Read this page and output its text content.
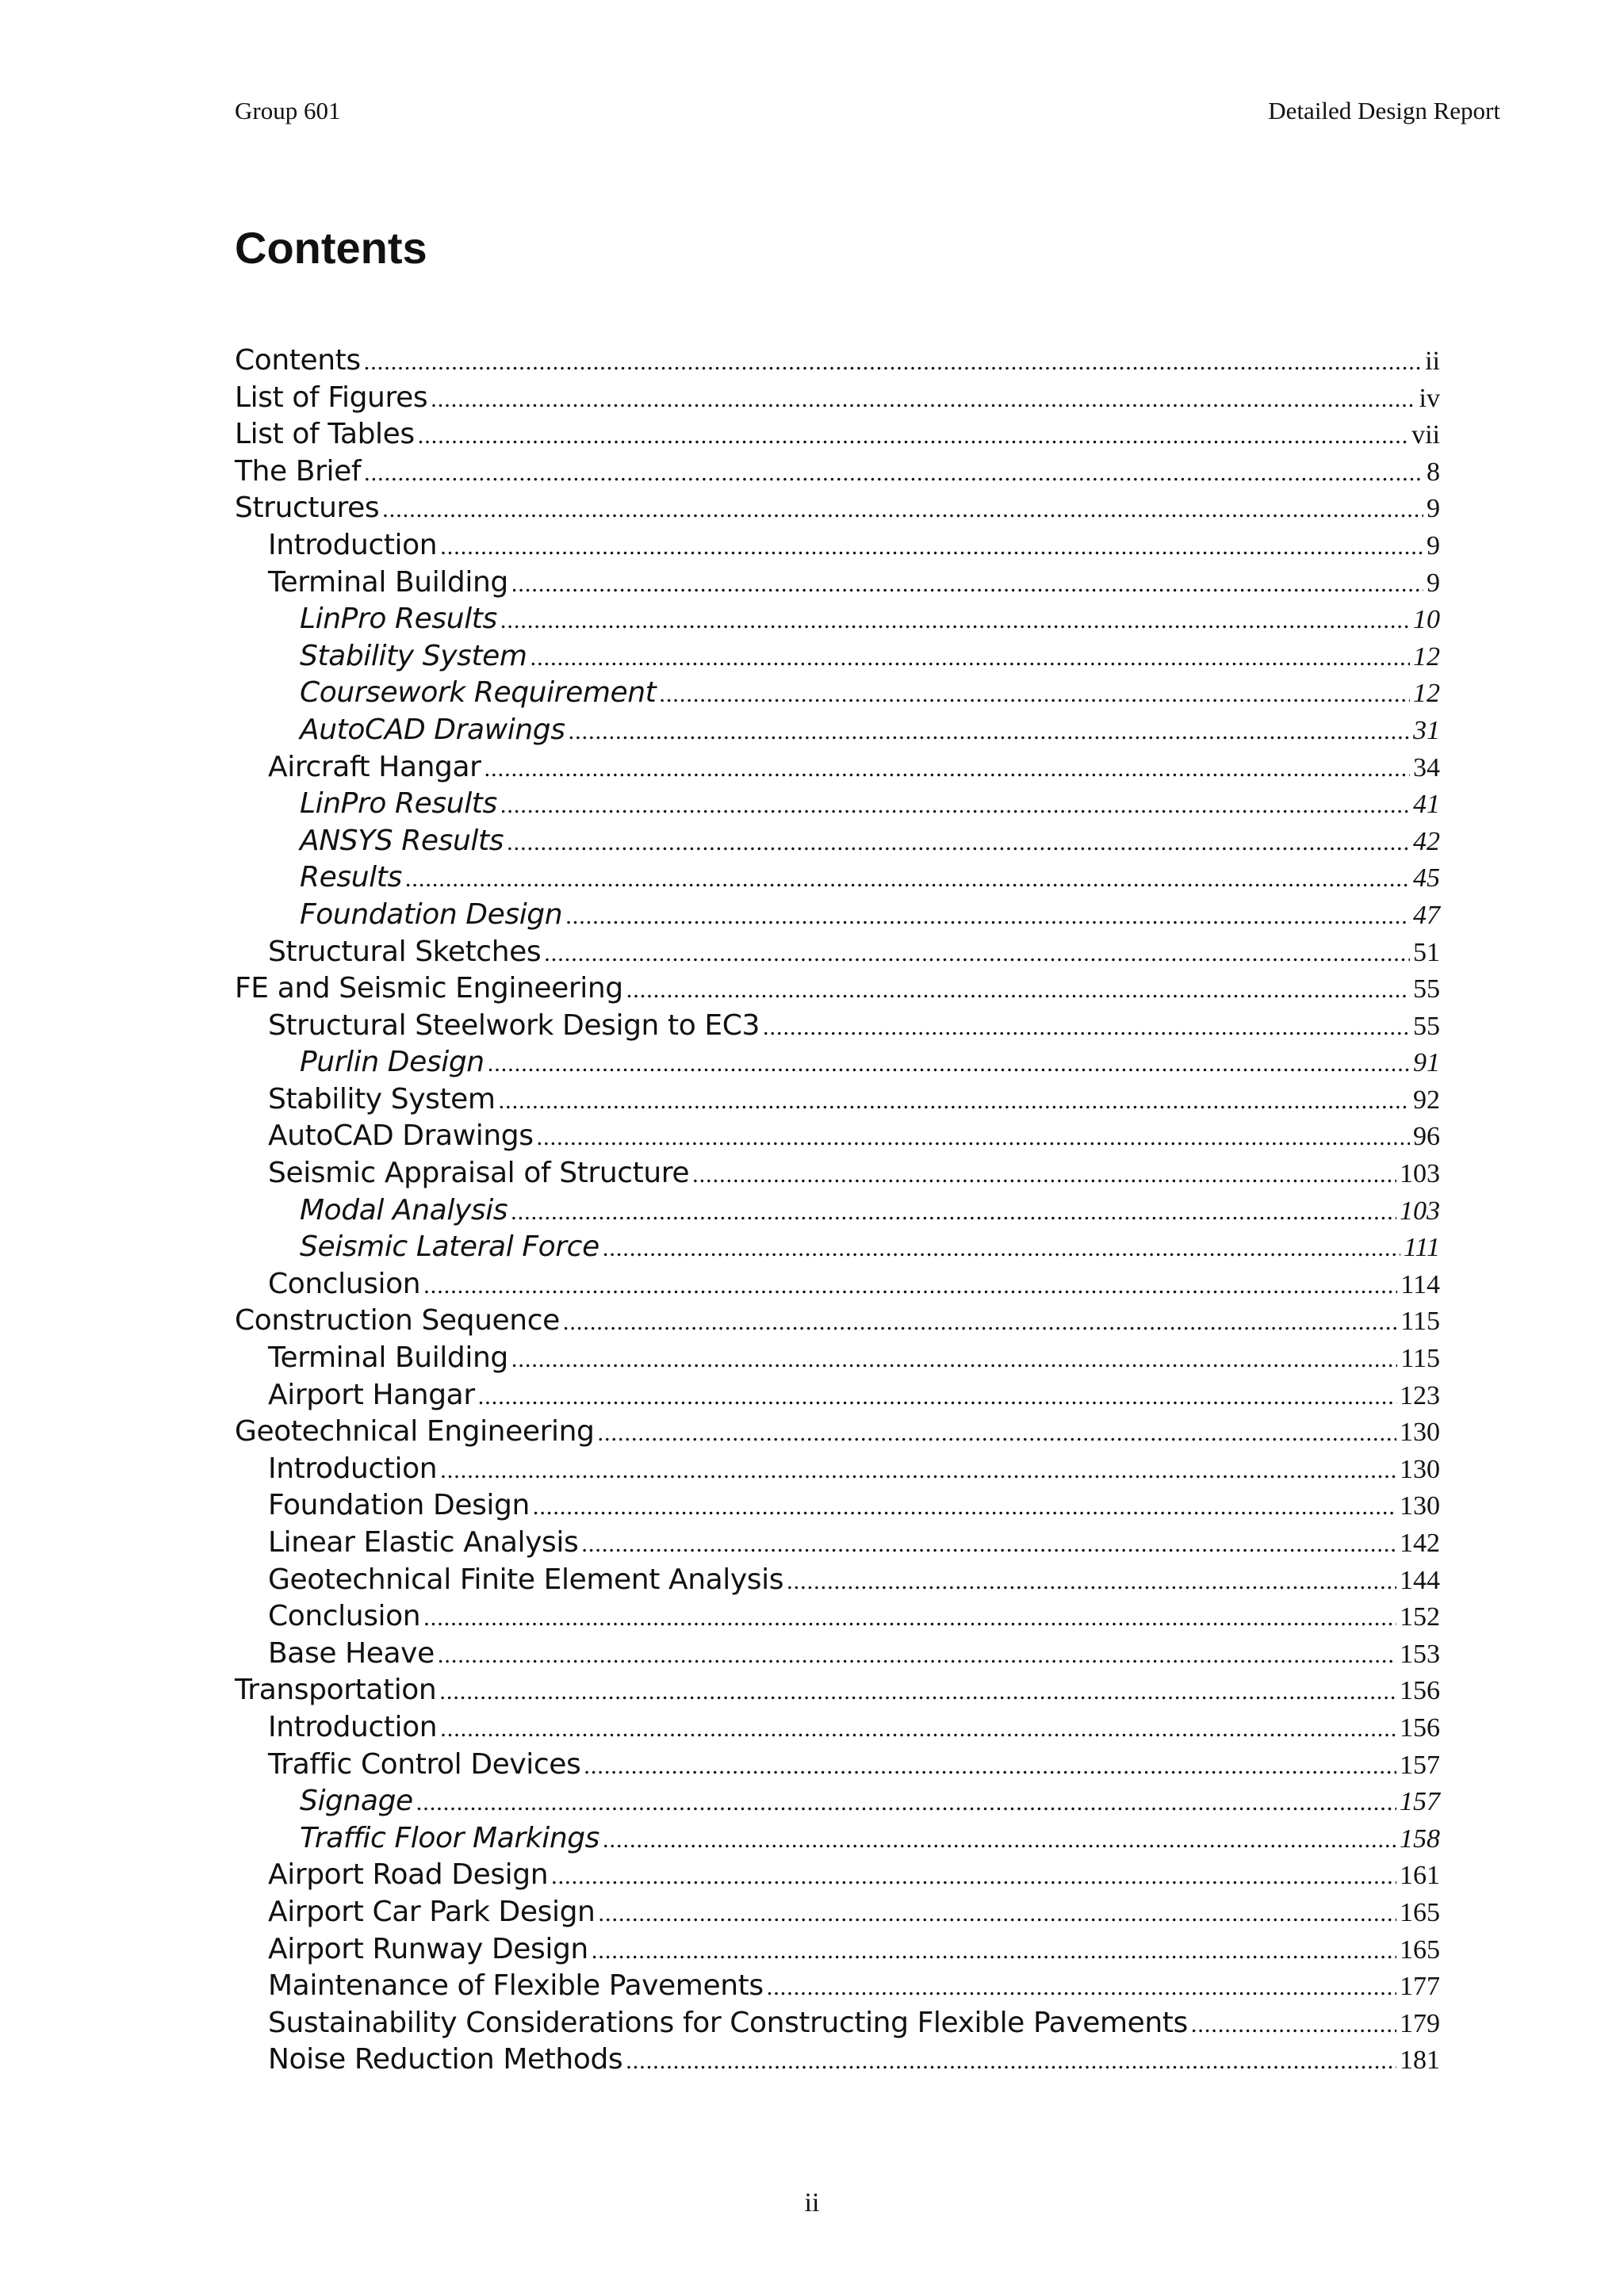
Group 601	Detailed Design Report
Contents
Contents .....	ii
List of Figures .....	iv
List of Tables .....	vii
The Brief .....	8
Structures .....	9
Introduction .....	9
Terminal Building .....	9
LinPro Results .....	10
Stability System .....	12
Coursework Requirement .....	12
AutoCAD Drawings .....	31
Aircraft Hangar .....	34
LinPro Results .....	41
ANSYS Results .....	42
Results .....	45
Foundation Design .....	47
Structural Sketches .....	51
FE and Seismic Engineering .....	55
Structural Steelwork Design to EC3 .....	55
Purlin Design .....	91
Stability System .....	92
AutoCAD Drawings .....	96
Seismic Appraisal of Structure .....	103
Modal Analysis .....	103
Seismic Lateral Force .....	111
Conclusion .....	114
Construction Sequence .....	115
Terminal Building .....	115
Airport Hangar .....	123
Geotechnical Engineering .....	130
Introduction .....	130
Foundation Design .....	130
Linear Elastic Analysis .....	142
Geotechnical Finite Element Analysis .....	144
Conclusion .....	152
Base Heave .....	153
Transportation .....	156
Introduction .....	156
Traffic Control Devices .....	157
Signage .....	157
Traffic Floor Markings .....	158
Airport Road Design .....	161
Airport Car Park Design .....	165
Airport Runway Design .....	165
Maintenance of Flexible Pavements .....	177
Sustainability Considerations for Constructing Flexible Pavements .....	179
Noise Reduction Methods .....	181
ii
